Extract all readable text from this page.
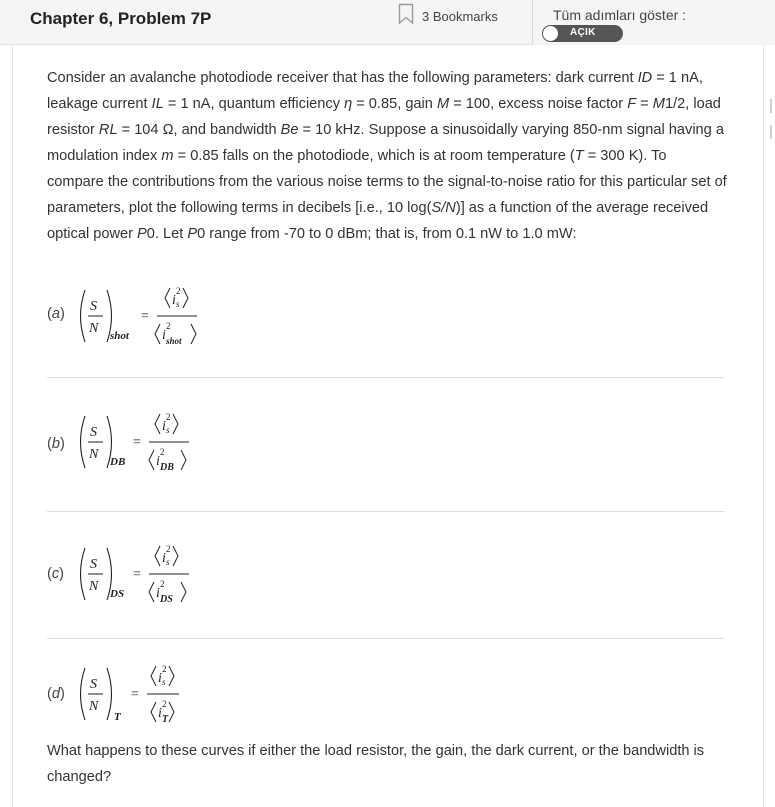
Chapter 6, Problem 7P	3 Bookmarks	Tüm adımları göster :
AÇIK
Consider an avalanche photodiode receiver that has the following parameters: dark current ID = 1 nA, leakage current IL = 1 nA, quantum efficiency η = 0.85, gain M = 100, excess noise factor F = M1/2, load resistor RL = 104 Ω, and bandwidth Be = 10 kHz. Suppose a sinusoidally varying 850-nm signal having a modulation index m = 0.85 falls on the photodiode, which is at room temperature (T = 300 K). To compare the contributions from the various noise terms to the signal-to-noise ratio for this particular set of parameters, plot the following terms in decibels [i.e., 10 log(S/N)] as a function of the average received optical power P0. Let P0 range from -70 to 0 dBm; that is, from 0.1 nW to 1.0 mW:
(a) S
N shot
=
i
2
s
i
2
shot
(b)
S
N DB
=
i
2
s
i
2
DB
(c)
S
N DS
=
i
2
s
i
2
DS
(d)
S
N
T
=
i
2
s
i
2
T
What happens to these curves if either the load resistor, the gain, the dark current, or the bandwidth is changed?
